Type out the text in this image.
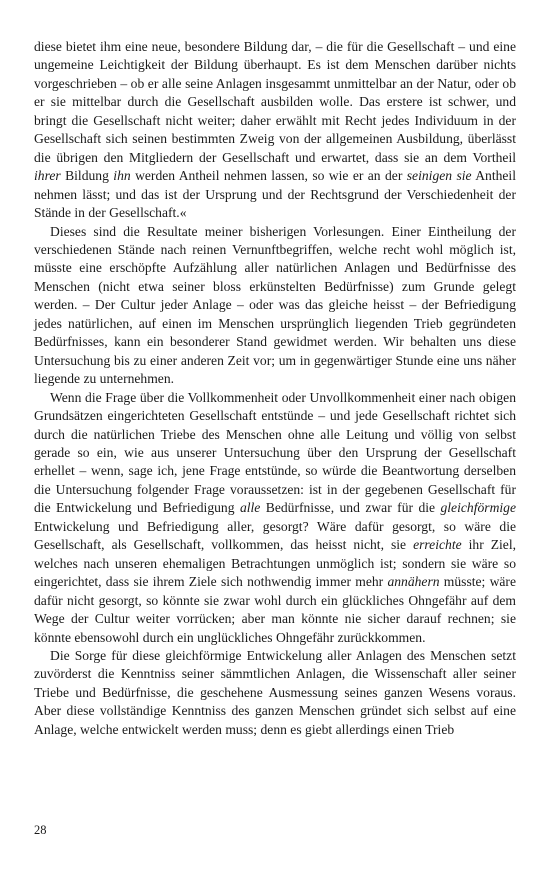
diese bietet ihm eine neue, besondere Bildung dar, – die für die Gesellschaft – und eine ungemeine Leichtigkeit der Bildung überhaupt. Es ist dem Menschen darüber nichts vorgeschrieben – ob er alle seine Anlagen insgesammt unmittelbar an der Natur, oder ob er sie mittelbar durch die Gesellschaft ausbilden wolle. Das erstere ist schwer, und bringt die Gesellschaft nicht weiter; daher erwählt mit Recht jedes Individuum in der Gesellschaft sich seinen bestimmten Zweig von der allgemeinen Ausbildung, überlässt die übrigen den Mitgliedern der Gesellschaft und erwartet, dass sie an dem Vortheil ihrer Bildung ihn werden Antheil nehmen lassen, so wie er an der seinigen sie Antheil nehmen lässt; und das ist der Ursprung und der Rechtsgrund der Verschiedenheit der Stände in der Gesellschaft.«

Dieses sind die Resultate meiner bisherigen Vorlesungen. Einer Eintheilung der verschiedenen Stände nach reinen Vernunftbegriffen, welche recht wohl möglich ist, müsste eine erschöpfte Aufzählung aller natürlichen Anlagen und Bedürfnisse des Menschen (nicht etwa seiner bloss erkünstelten Bedürfnisse) zum Grunde gelegt werden. – Der Cultur jeder Anlage – oder was das gleiche heisst – der Befriedigung jedes natürlichen, auf einen im Menschen ursprünglich liegenden Trieb gegründeten Bedürfnisses, kann ein besonderer Stand gewidmet werden. Wir behalten uns diese Untersuchung bis zu einer anderen Zeit vor; um in gegenwärtiger Stunde eine uns näher liegende zu unternehmen.

Wenn die Frage über die Vollkommenheit oder Unvollkommenheit einer nach obigen Grundsätzen eingerichteten Gesellschaft entstünde – und jede Gesellschaft richtet sich durch die natürlichen Triebe des Menschen ohne alle Leitung und völlig von selbst gerade so ein, wie aus unserer Untersuchung über den Ursprung der Gesellschaft erhellet – wenn, sage ich, jene Frage entstünde, so würde die Beantwortung derselben die Untersuchung folgender Frage voraussetzen: ist in der gegebenen Gesellschaft für die Entwickelung und Befriedigung alle Bedürfnisse, und zwar für die gleichförmige Entwickelung und Befriedigung aller, gesorgt? Wäre dafür gesorgt, so wäre die Gesellschaft, als Gesellschaft, vollkommen, das heisst nicht, sie erreichte ihr Ziel, welches nach unseren ehemaligen Betrachtungen unmöglich ist; sondern sie wäre so eingerichtet, dass sie ihrem Ziele sich nothwendig immer mehr annähern müsste; wäre dafür nicht gesorgt, so könnte sie zwar wohl durch ein glückliches Ohngefähr auf dem Wege der Cultur weiter vorrücken; aber man könnte nie sicher darauf rechnen; sie könnte ebensowohl durch ein unglückliches Ohngefähr zurückkommen.

Die Sorge für diese gleichförmige Entwickelung aller Anlagen des Menschen setzt zuvörderst die Kenntniss seiner sämmtlichen Anlagen, die Wissenschaft aller seiner Triebe und Bedürfnisse, die geschehene Ausmessung seines ganzen Wesens voraus. Aber diese vollständige Kenntniss des ganzen Menschen gründet sich selbst auf eine Anlage, welche entwickelt werden muss; denn es giebt allerdings einen Trieb

28
